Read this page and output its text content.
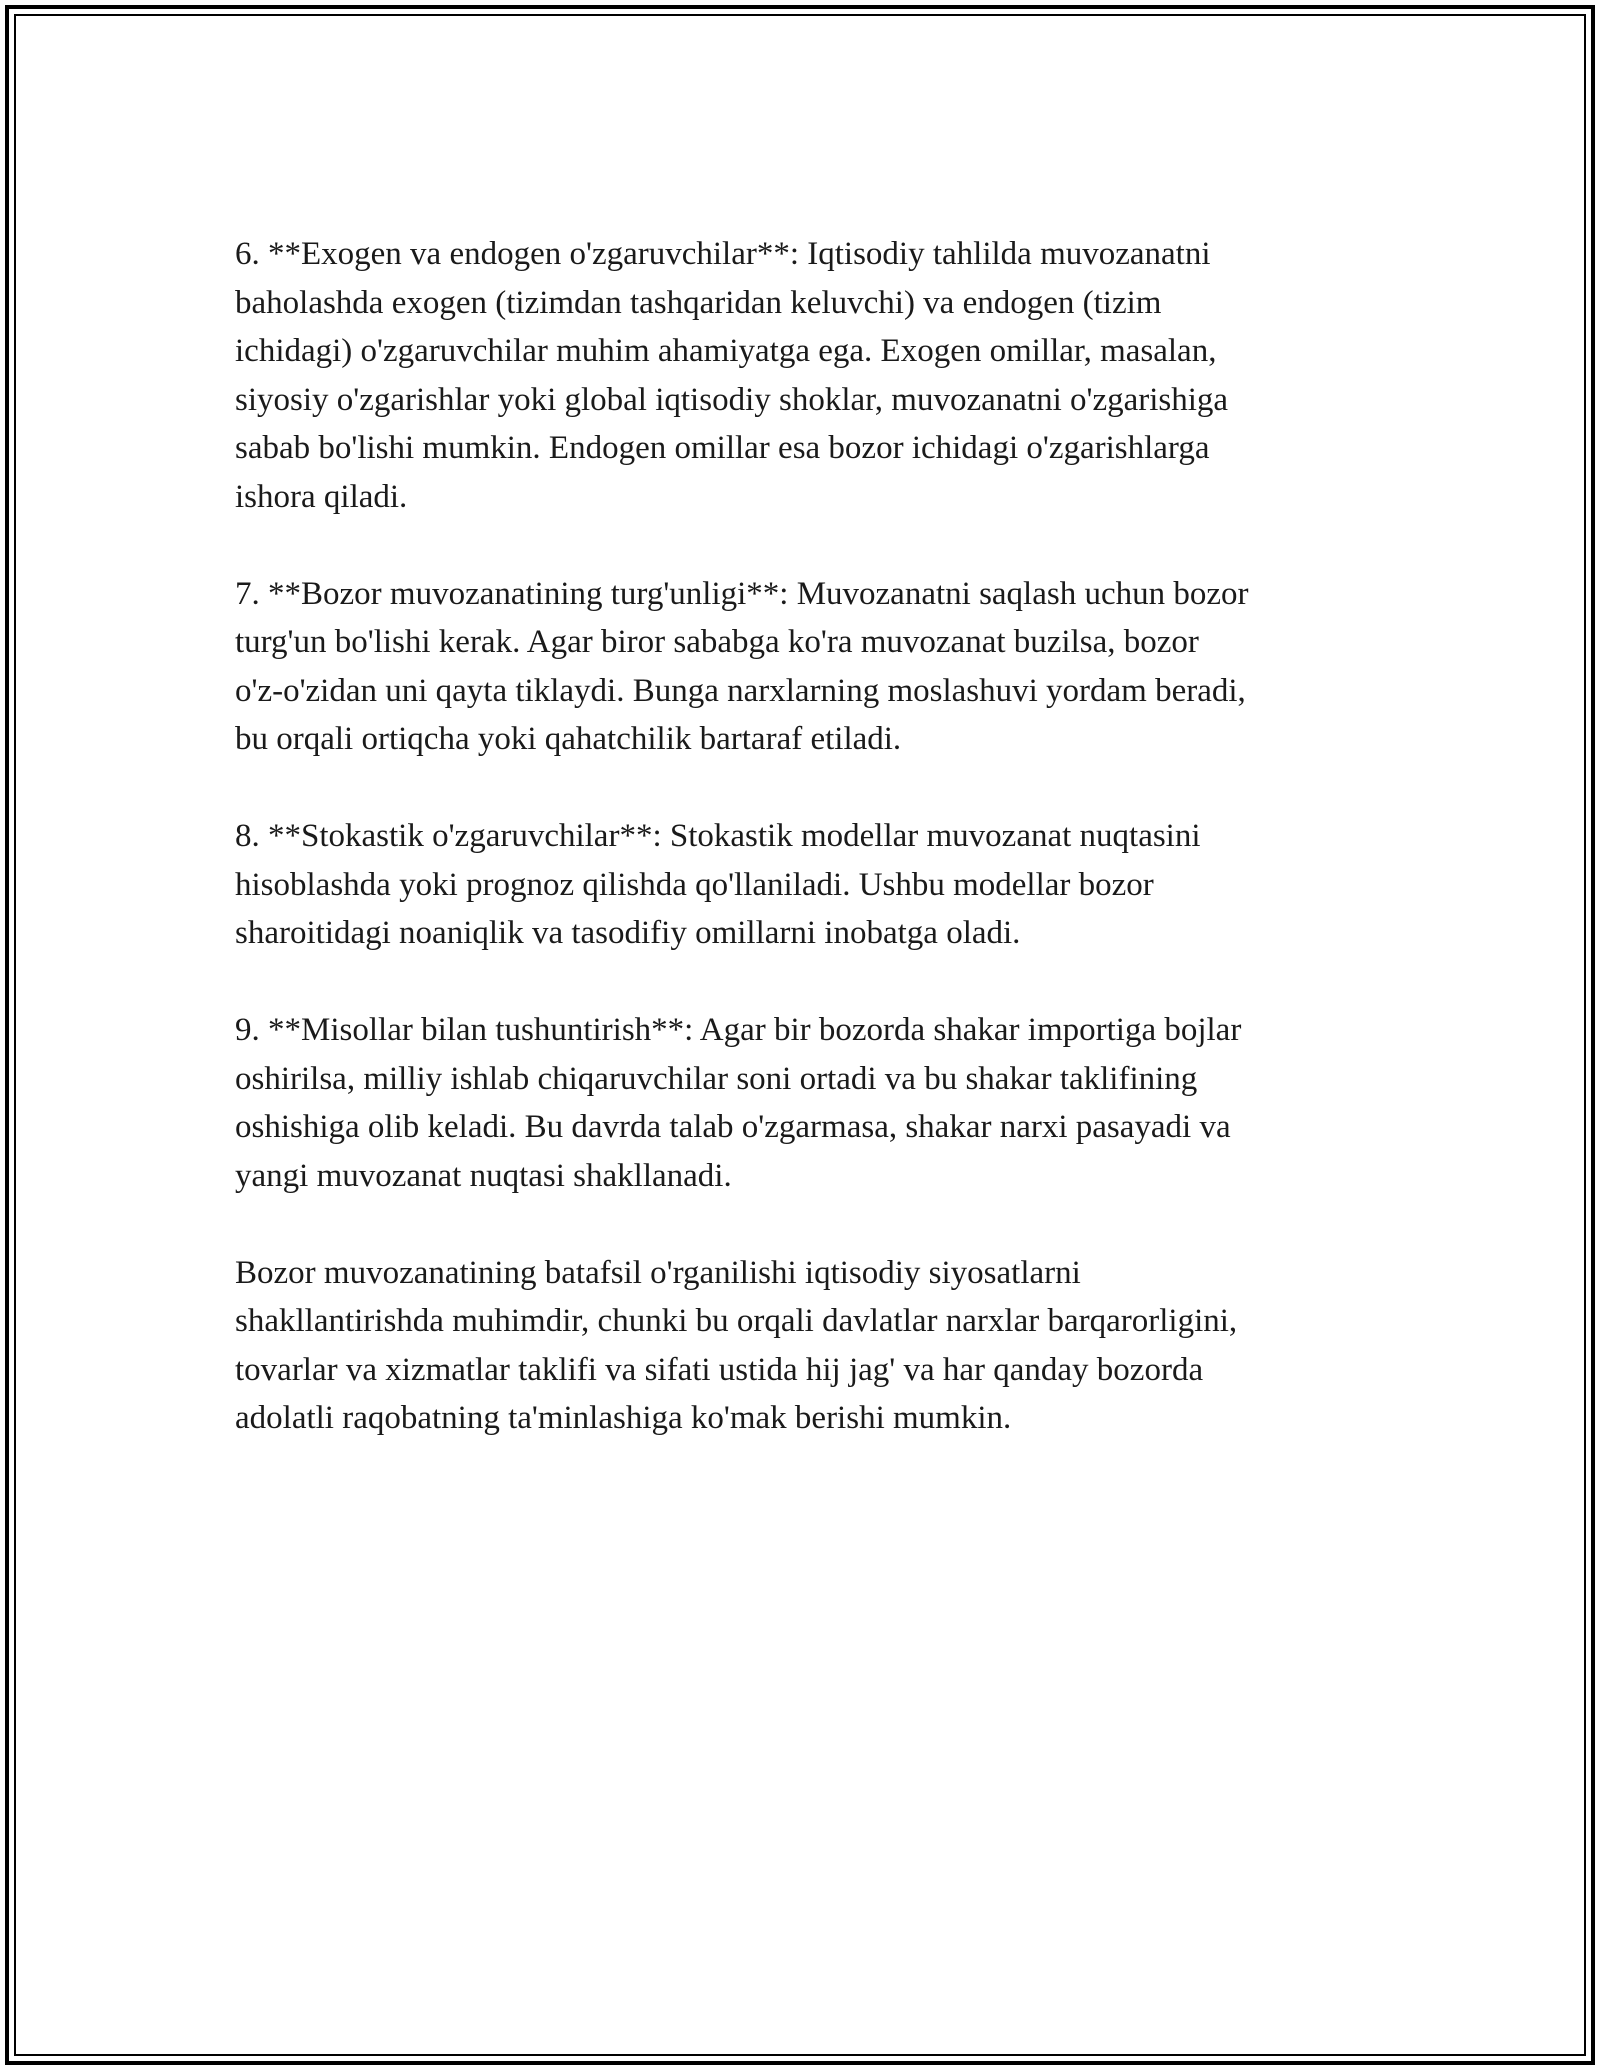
6. **Exogen va endogen o'zgaruvchilar**: Iqtisodiy tahlilda muvozanatni
baholashda exogen (tizimdan tashqaridan keluvchi) va endogen (tizim
ichidagi) o'zgaruvchilar muhim ahamiyatga ega. Exogen omillar, masalan,
siyosiy o'zgarishlar yoki global iqtisodiy shoklar, muvozanatni o'zgarishiga
sabab bo'lishi mumkin. Endogen omillar esa bozor ichidagi o'zgarishlarga
ishora qiladi.

7. **Bozor muvozanatining turg'unligi**: Muvozanatni saqlash uchun bozor
turg'un bo'lishi kerak. Agar biror sababga ko'ra muvozanat buzilsa, bozor
o'z-o'zidan uni qayta tiklaydi. Bunga narxlarning moslashuvi yordam beradi,
bu orqali ortiqcha yoki qahatchilik bartaraf etiladi.

8. **Stokastik o'zgaruvchilar**: Stokastik modellar muvozanat nuqtasini
hisoblashda yoki prognoz qilishda qo'llaniladi. Ushbu modellar bozor
sharoitidagi noaniqlik va tasodifiy omillarni inobatga oladi.

9. **Misollar bilan tushuntirish**: Agar bir bozorda shakar importiga bojlar
oshirilsa, milliy ishlab chiqaruvchilar soni ortadi va bu shakar taklifining
oshishiga olib keladi. Bu davrda talab o'zgarmasa, shakar narxi pasayadi va
yangi muvozanat nuqtasi shakllanadi.

Bozor muvozanatining batafsil o'rganilishi iqtisodiy siyosatlarni
shakllantirishda muhimdir, chunki bu orqali davlatlar narxlar barqarorligini,
tovarlar va xizmatlar taklifi va sifati ustida hij jag' va har qanday bozorda
adolatli raqobatning ta'minlashiga ko'mak berishi mumkin.
